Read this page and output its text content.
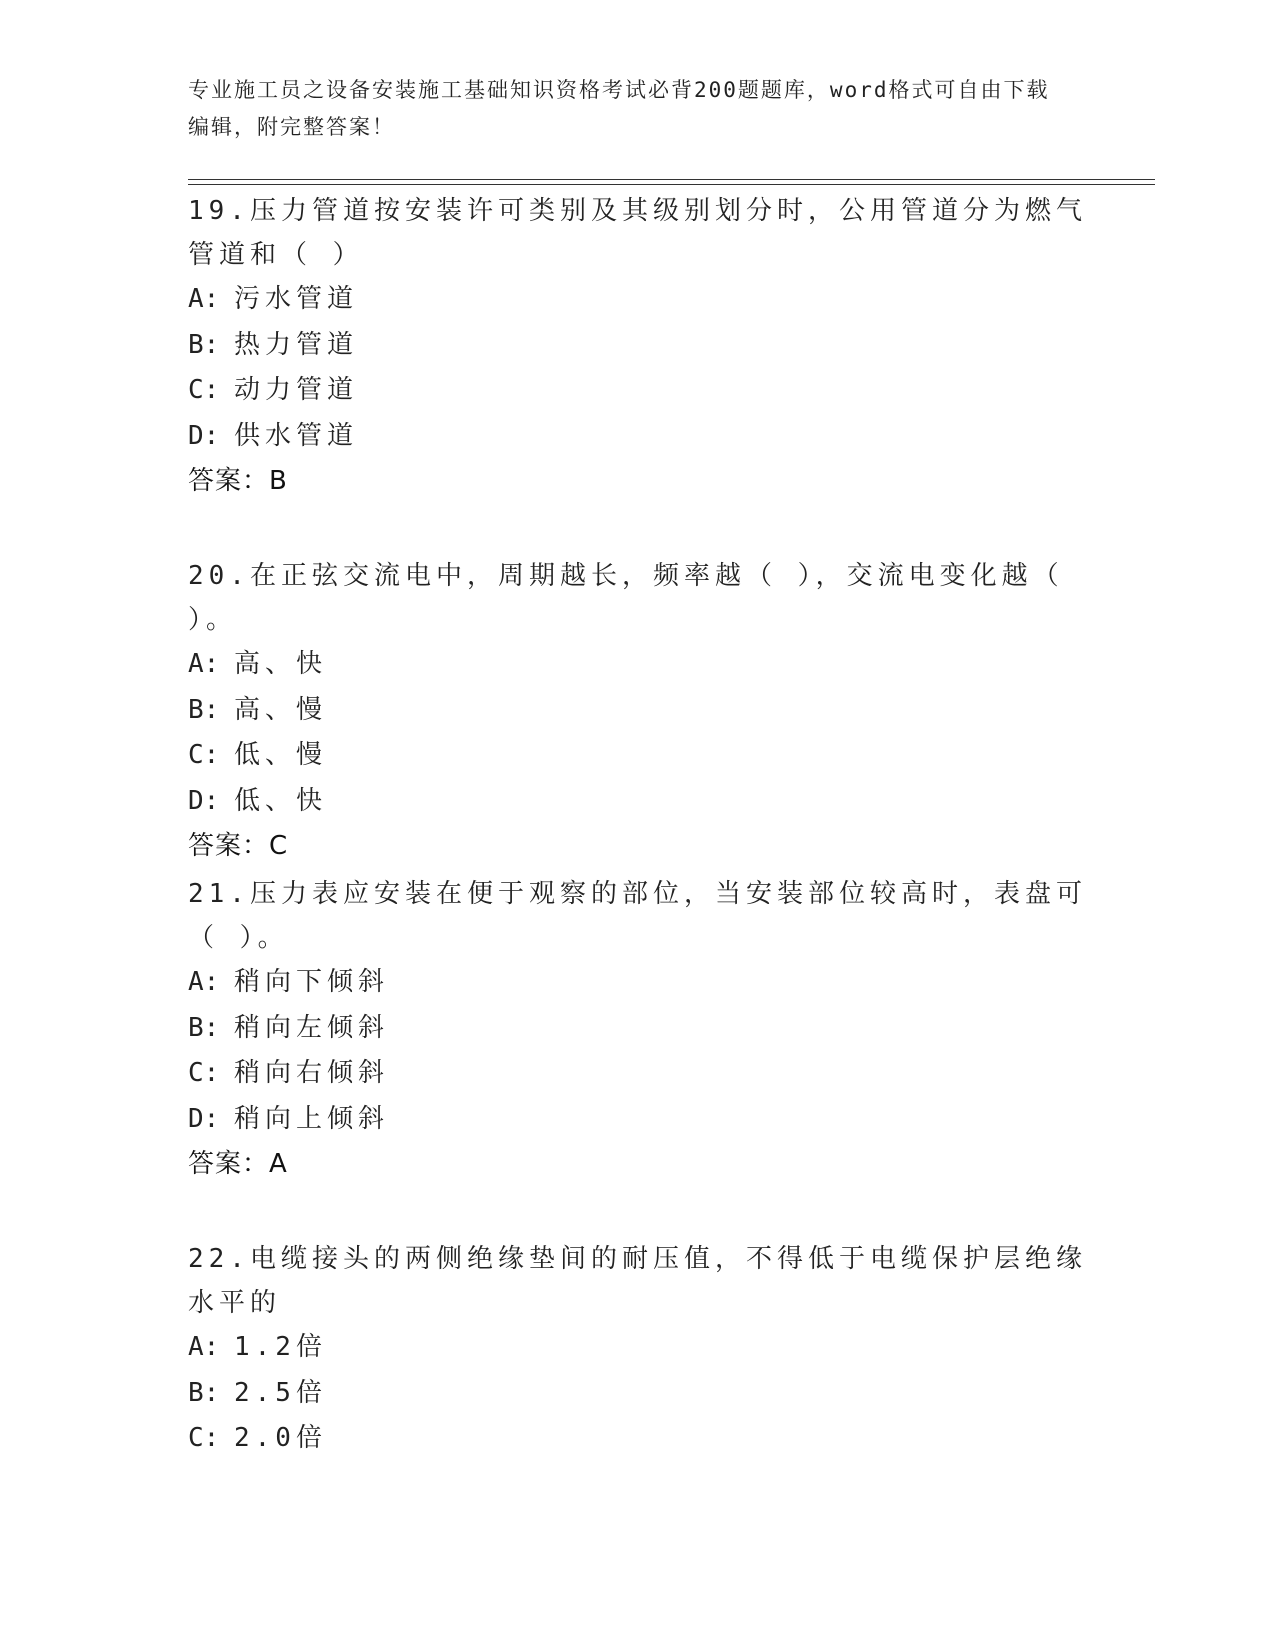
专业施工员之设备安装施工基础知识资格考试必背200题题库，word格式可自由下载编辑，附完整答案！

19.压力管道按安装许可类别及其级别划分时，公用管道分为燃气管道和（ ）

A: 污水管道
B: 热力管道
C: 动力管道
D: 供水管道
答案：B

20.在正弦交流电中，周期越长，频率越（ ），交流电变化越（ ）。

A: 高、快
B: 高、慢
C: 低、慢
D: 低、快
答案：C

21.压力表应安装在便于观察的部位，当安装部位较高时，表盘可（ ）。

A: 稍向下倾斜
B: 稍向左倾斜
C: 稍向右倾斜
D: 稍向上倾斜
答案：A

22.电缆接头的两侧绝缘垫间的耐压值，不得低于电缆保护层绝缘水平的

A: 1.2倍
B: 2.5倍
C: 2.0倍
